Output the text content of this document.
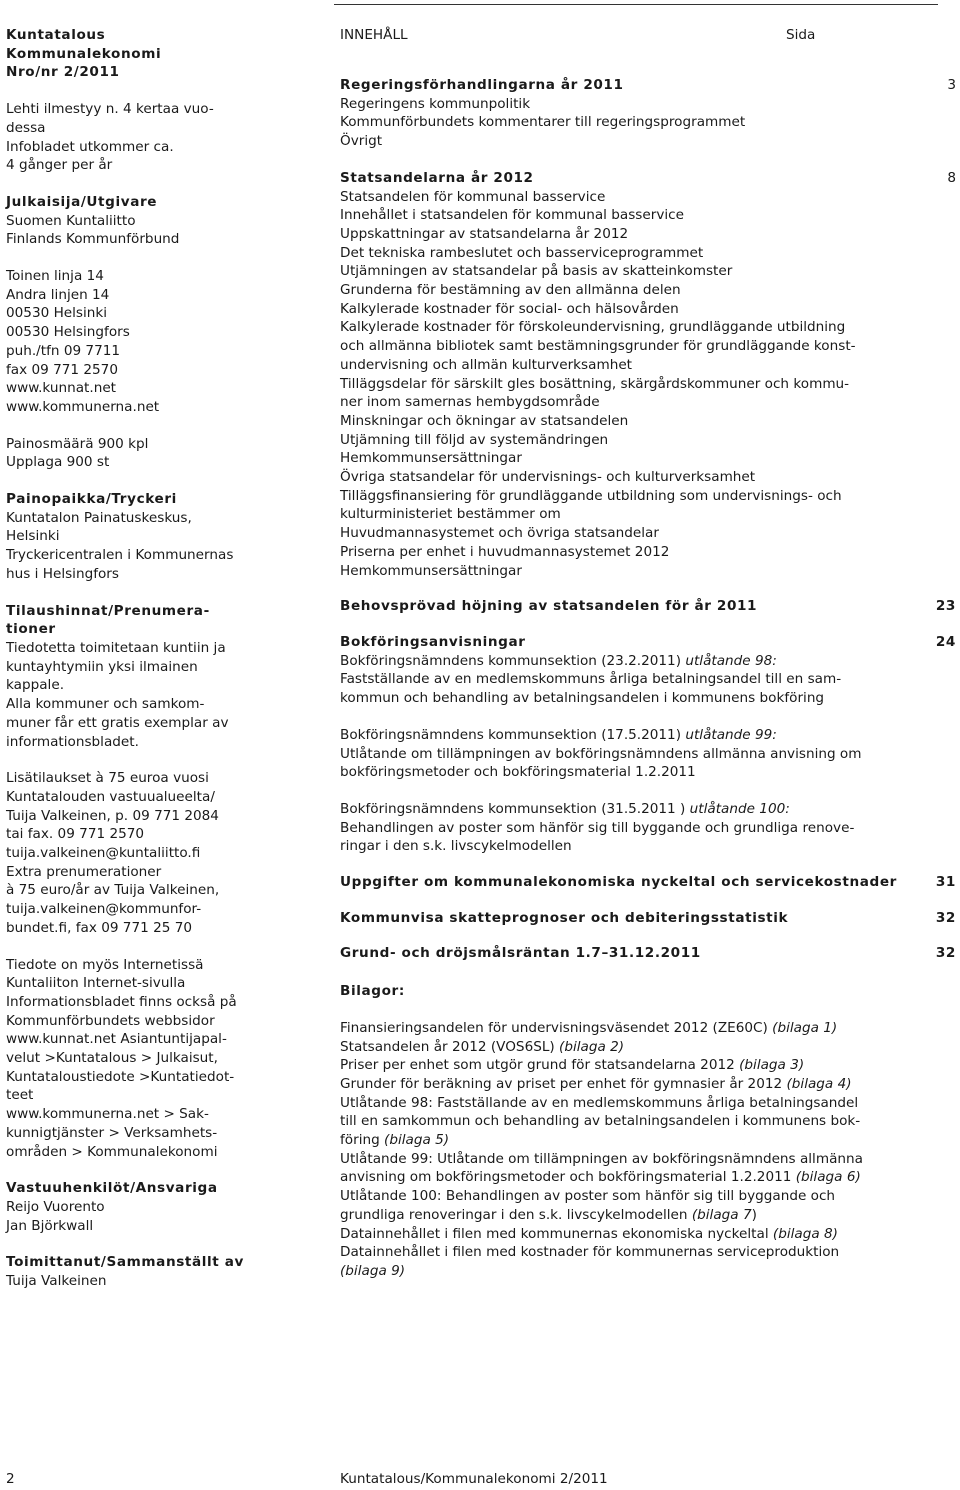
Kuntatalous
Kommunalekonomi
Nro/nr 2/2011
Lehti ilmestyy n. 4 kertaa vuo-
dessa
Infobladet utkommer ca.
4 gånger per år
Julkaisija/Utgivare
Suomen Kuntaliitto
Finlands Kommunförbund
Toinen linja 14
Andra linjen 14
00530 Helsinki
00530 Helsingfors
puh./tfn 09 7711
fax 09 771 2570
www.kunnat.net
www.kommunerna.net
Painosmäärä 900 kpl
Upplaga 900 st
Painopaikka/Tryckeri
Kuntatalon Painatuskeskus,
Helsinki
Tryckericentralen i Kommunernas
hus i Helsingfors
Tilaushinnat/Prenumera-
tioner
Tiedotetta toimitetaan kuntiin ja
kuntayhtymiin yksi ilmainen
kappale.
Alla kommuner och samkom-
muner får ett gratis exemplar av
informationsbladet.
Lisätilaukset à 75 euroa vuosi
Kuntatalouden vastuualueelta/
Tuija Valkeinen, p. 09 771 2084
tai fax. 09 771 2570
tuija.valkeinen@kuntaliitto.fi
Extra prenumerationer
à 75 euro/år av Tuija Valkeinen,
tuija.valkeinen@kommunfor-
bundet.fi, fax 09 771 25 70
Tiedote on myös Internetissä
Kuntaliiton Internet-sivulla
Informationsbladet finns också på
Kommunförbundets webbsidor
www.kunnat.net Asiantuntijapal-
velut >Kuntatalous > Julkaisut,
Kuntataloustiedote >Kuntatiedot-
teet
www.kommunerna.net > Sak-
kunnigtjänster > Verksamhets-
områden > Kommunalekonomi
Vastuuhenkilöt/Ansvariga
Reijo Vuorento
Jan Björkwall
Toimittanut/Sammanställt av
Tuija Valkeinen
INNEHÅLL	Sida
Regeringsförhandlingarna år 2011	3
Regeringens kommunpolitik
Kommunförbundets kommentarer till regeringsprogrammet
Övrigt
Statsandelarna år 2012	8
Statsandelen för kommunal basservice
Innehållet i statsandelen för kommunal basservice
Uppskattningar av statsandelarna år 2012
Det tekniska rambeslutet och basserviceprogrammet
Utjämningen av statsandelar på basis av skatteinkomster
Grunderna för bestämning av den allmänna delen
Kalkylerade kostnader för social- och hälsovården
Kalkylerade kostnader för förskoleundervisning, grundläggande utbildning
och allmänna bibliotek samt bestämningsgrunder för grundläggande konst-
undervisning och allmän kulturverksamhet
Tilläggsdelar för särskilt gles bosättning, skärgårdskommuner och kommu-
ner inom samernas hembygdsområde
Minskningar och ökningar av statsandelen
Utjämning till följd av systemändringen
Hemkommunsersättningar
Övriga statsandelar för undervisnings- och kulturverksamhet
Tilläggsfinansiering för grundläggande utbildning som undervisnings- och
kulturministeriet bestämmer om
Huvudmannasystemet och övriga statsandelar
Priserna per enhet i huvudmannasystemet 2012
Hemkommunsersättningar
Behovsprövad höjning av statsandelen för år 2011	23
Bokföringsanvisningar	24
Bokföringsnämndens kommunsektion (23.2.2011) utlåtande 98:
Fastställande av en medlemskommuns årliga betalningsandel till en sam-
kommun och behandling av betalningsandelen i kommunens bokföring
Bokföringsnämndens kommunsektion (17.5.2011) utlåtande 99:
Utlåtande om tillämpningen av bokföringsnämndens allmänna anvisning om
bokföringsmetoder och bokföringsmaterial 1.2.2011
Bokföringsnämndens kommunsektion (31.5.2011 ) utlåtande 100:
Behandlingen av poster som hänför sig till byggande och grundliga renove-
ringar i den s.k. livscykelmodellen
Uppgifter om kommunalekonomiska nyckeltal och servicekostnader	31
Kommunvisa skatteprognoser och debiteringsstatistik	32
Grund- och dröjsmålsräntan 1.7–31.12.2011	32
Bilagor:
Finansieringsandelen för undervisningsväsendet 2012 (ZE60C) (bilaga 1)
Statsandelen år 2012 (VOS6SL) (bilaga 2)
Priser per enhet som utgör grund för statsandelarna 2012 (bilaga 3)
Grunder för beräkning av priset per enhet för gymnasier år 2012 (bilaga 4)
Utlåtande 98: Fastställande av en medlemskommuns årliga betalningsandel
till en samkommun och behandling av betalningsandelen i kommunens bok-
föring (bilaga 5)
Utlåtande 99: Utlåtande om tillämpningen av bokföringsnämndens allmänna
anvisning om bokföringsmetoder och bokföringsmaterial 1.2.2011 (bilaga 6)
Utlåtande 100: Behandlingen av poster som hänför sig till byggande och
grundliga renoveringar i den s.k. livscykelmodellen (bilaga 7)
Datainnehållet i filen med kommunernas ekonomiska nyckeltal (bilaga 8)
Datainnehållet i filen med kostnader för kommunernas serviceproduktion
(bilaga 9)
2	Kuntatalous/Kommunalekonomi 2/2011
